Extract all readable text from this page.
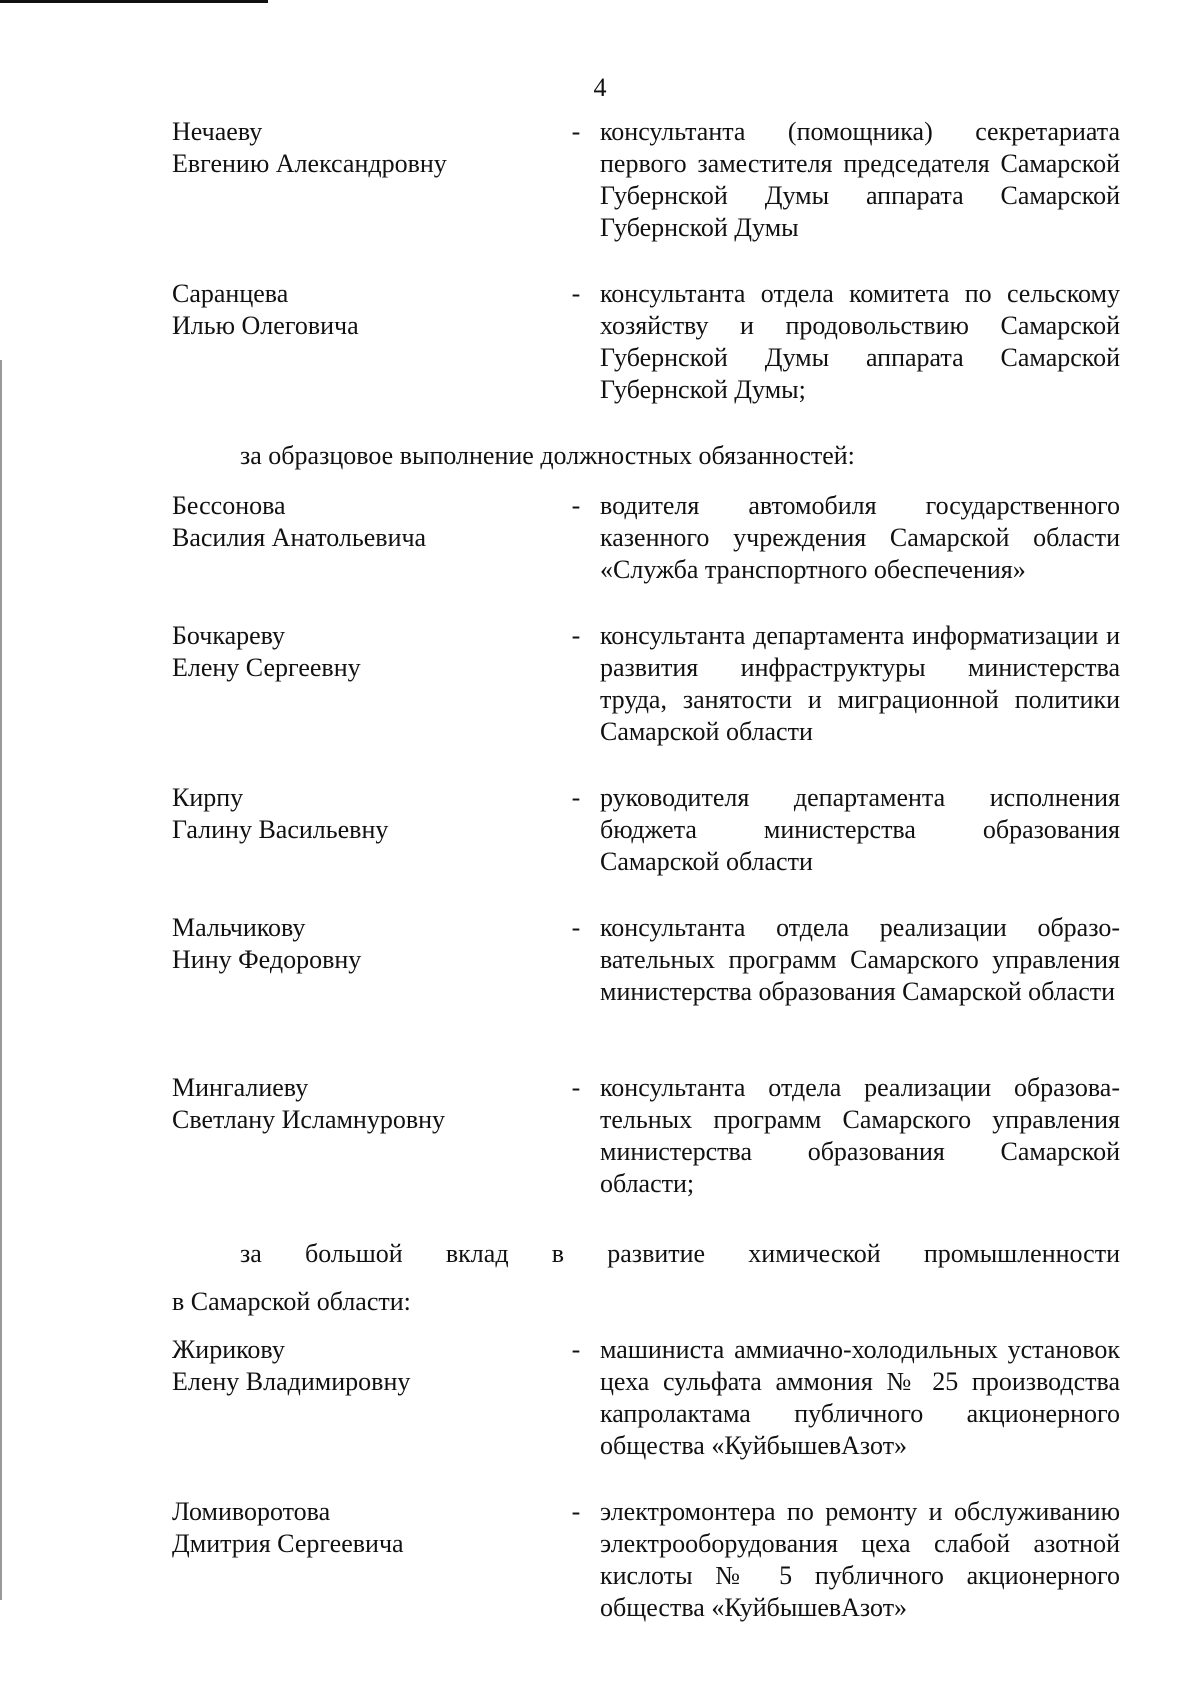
4
Нечаеву
Евгению Александровну
- консультанта (помощника) секретариата первого заместителя председателя Самарской Губернской Думы аппарата Самарской Губернской Думы
Саранцева
Илью Олеговича
- консультанта отдела комитета по сельскому хозяйству и продовольствию Самарской Губернской Думы аппарата Самарской Губернской Думы;
за образцовое выполнение должностных обязанностей:
Бессонова
Василия Анатольевича
- водителя автомобиля государственного казенного учреждения Самарской области «Служба транспортного обеспечения»
Бочкареву
Елену Сергеевну
- консультанта департамента информатизации и развития инфраструктуры министерства труда, занятости и миграционной политики Самарской области
Кирпу
Галину Васильевну
- руководителя департамента исполнения бюджета министерства образования Самарской области
Мальчикову
Нину Федоровну
- консультанта отдела реализации образовательных программ Самарского управления министерства образования Самарской области
Мингалиеву
Светлану Исламнуровну
- консультанта отдела реализации образовательных программ Самарского управления министерства образования Самарской области;
за большой вклад в развитие химической промышленности
в Самарской области:
Жирикову
Елену Владимировну
- машиниста аммиачно-холодильных установок цеха сульфата аммония № 25 производства капролактама публичного акционерного общества «КуйбышевАзот»
Ломиворотова
Дмитрия Сергеевича
- электромонтера по ремонту и обслуживанию электрооборудования цеха слабой азотной кислоты № 5 публичного акционерного общества «КуйбышевАзот»
